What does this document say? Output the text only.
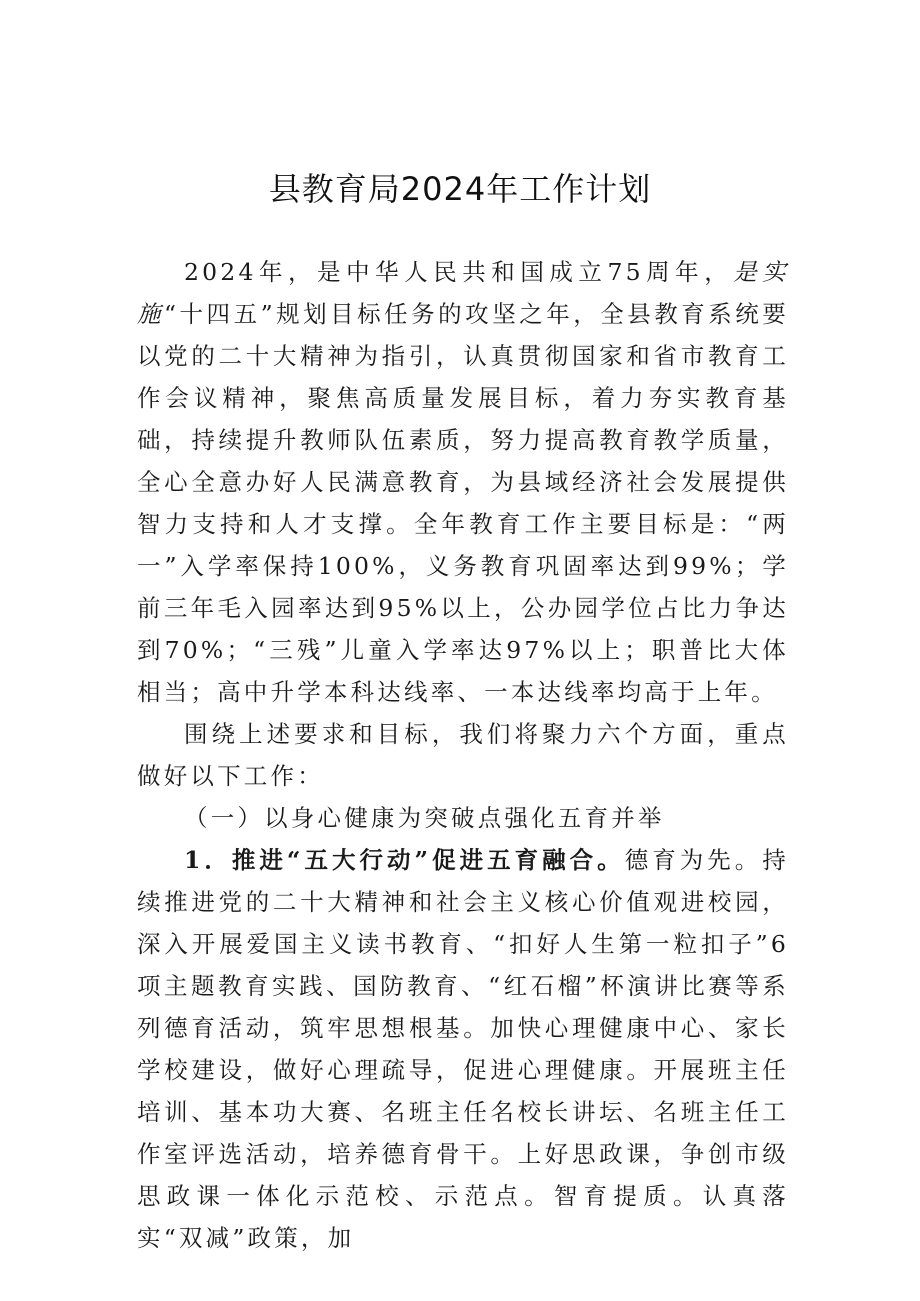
县教育局2024年工作计划

2024年，是中华人民共和国成立75周年，是实施“十四五”规划目标任务的攻坚之年，全县教育系统要以党的二十大精神为指引，认真贯彻国家和省市教育工作会议精神，聚焦高质量发展目标，着力夯实教育基础，持续提升教师队伍素质，努力提高教育教学质量，全心全意办好人民满意教育，为县域经济社会发展提供智力支持和人才支撑。全年教育工作主要目标是：“两一”入学率保持100%，义务教育巩固率达到99%；学前三年毛入园率达到95%以上，公办园学位占比力争达到70%；“三残”儿童入学率达97%以上；职普比大体相当；高中升学本科达线率、一本达线率均高于上年。

围绕上述要求和目标，我们将聚力六个方面，重点做好以下工作：

（一）以身心健康为突破点强化五育并举

1．推进“五大行动”促进五育融合。德育为先。持续推进党的二十大精神和社会主义核心价值观进校园，深入开展爱国主义读书教育、“扣好人生第一粒扣子”6项主题教育实践、国防教育、“红石榴”杯演讲比赛等系列德育活动，筑牢思想根基。加快心理健康中心、家长学校建设，做好心理疏导，促进心理健康。开展班主任培训、基本功大赛、名班主任名校长讲坛、名班主任工作室评选活动，培养德育骨干。上好思政课，争创市级思政课一体化示范校、示范点。智育提质。认真落实“双减”政策，加
